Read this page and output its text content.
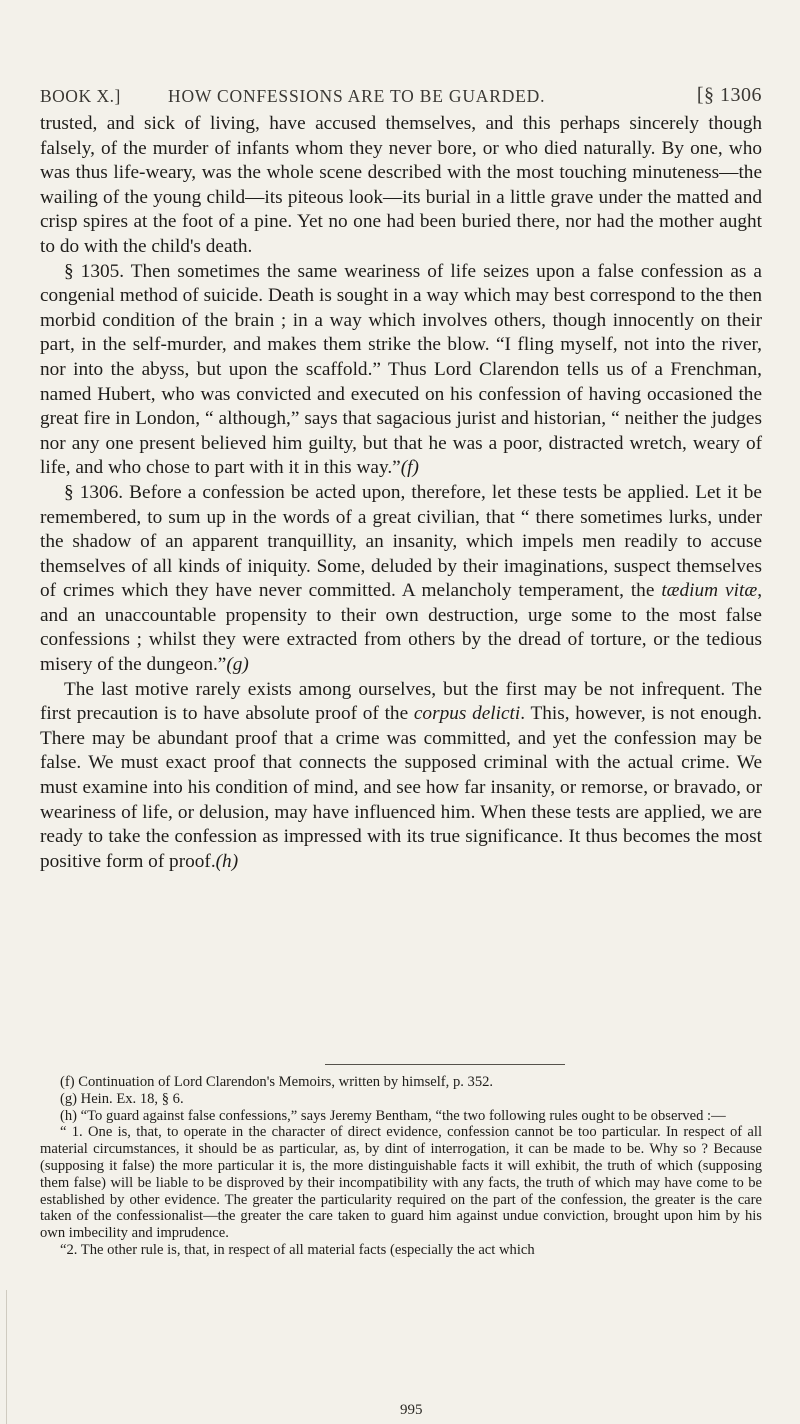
BOOK X.]	HOW CONFESSIONS ARE TO BE GUARDED.	[§ 1306

trusted, and sick of living, have accused themselves, and this perhaps sincerely though falsely, of the murder of infants whom they never bore, or who died naturally. By one, who was thus life-weary, was the whole scene described with the most touching minuteness—the wailing of the young child—its piteous look—its burial in a little grave under the matted and crisp spires at the foot of a pine. Yet no one had been buried there, nor had the mother aught to do with the child's death.

§ 1305. Then sometimes the same weariness of life seizes upon a false confession as a congenial method of suicide. Death is sought in a way which may best correspond to the then morbid condition of the brain ; in a way which involves others, though innocently on their part, in the self-murder, and makes them strike the blow. “I fling myself, not into the river, nor into the abyss, but upon the scaffold.” Thus Lord Clarendon tells us of a Frenchman, named Hubert, who was convicted and executed on his confession of having occasioned the great fire in London, “ although,” says that sagacious jurist and historian, “ neither the judges nor any one present believed him guilty, but that he was a poor, distracted wretch, weary of life, and who chose to part with it in this way.”(f)

§ 1306. Before a confession be acted upon, therefore, let these tests be applied. Let it be remembered, to sum up in the words of a great civilian, that “ there sometimes lurks, under the shadow of an apparent tranquillity, an insanity, which impels men readily to accuse themselves of all kinds of iniquity. Some, deluded by their imaginations, suspect themselves of crimes which they have never committed. A melancholy temperament, the tædium vitæ, and an unaccountable propensity to their own destruction, urge some to the most false confessions ; whilst they were extracted from others by the dread of torture, or the tedious misery of the dungeon.”(g)

The last motive rarely exists among ourselves, but the first may be not infrequent. The first precaution is to have absolute proof of the corpus delicti. This, however, is not enough. There may be abundant proof that a crime was committed, and yet the confession may be false. We must exact proof that connects the supposed criminal with the actual crime. We must examine into his condition of mind, and see how far insanity, or remorse, or bravado, or weariness of life, or delusion, may have influenced him. When these tests are applied, we are ready to take the confession as impressed with its true significance. It thus becomes the most positive form of proof.(h)

(f) Continuation of Lord Clarendon's Memoirs, written by himself, p. 352.

(g) Hein. Ex. 18, § 6.

(h) “To guard against false confessions,” says Jeremy Bentham, “the two following rules ought to be observed :—

“ 1. One is, that, to operate in the character of direct evidence, confession cannot be too particular. In respect of all material circumstances, it should be as particular, as, by dint of interrogation, it can be made to be. Why so ? Because (supposing it false) the more particular it is, the more distinguishable facts it will exhibit, the truth of which (supposing them false) will be liable to be disproved by their incompatibility with any facts, the truth of which may have come to be established by other evidence. The greater the particularity required on the part of the confession, the greater is the care taken of the confessionalist—the greater the care taken to guard him against undue conviction, brought upon him by his own imbecility and imprudence.

“2. The other rule is, that, in respect of all material facts (especially the act which

995
